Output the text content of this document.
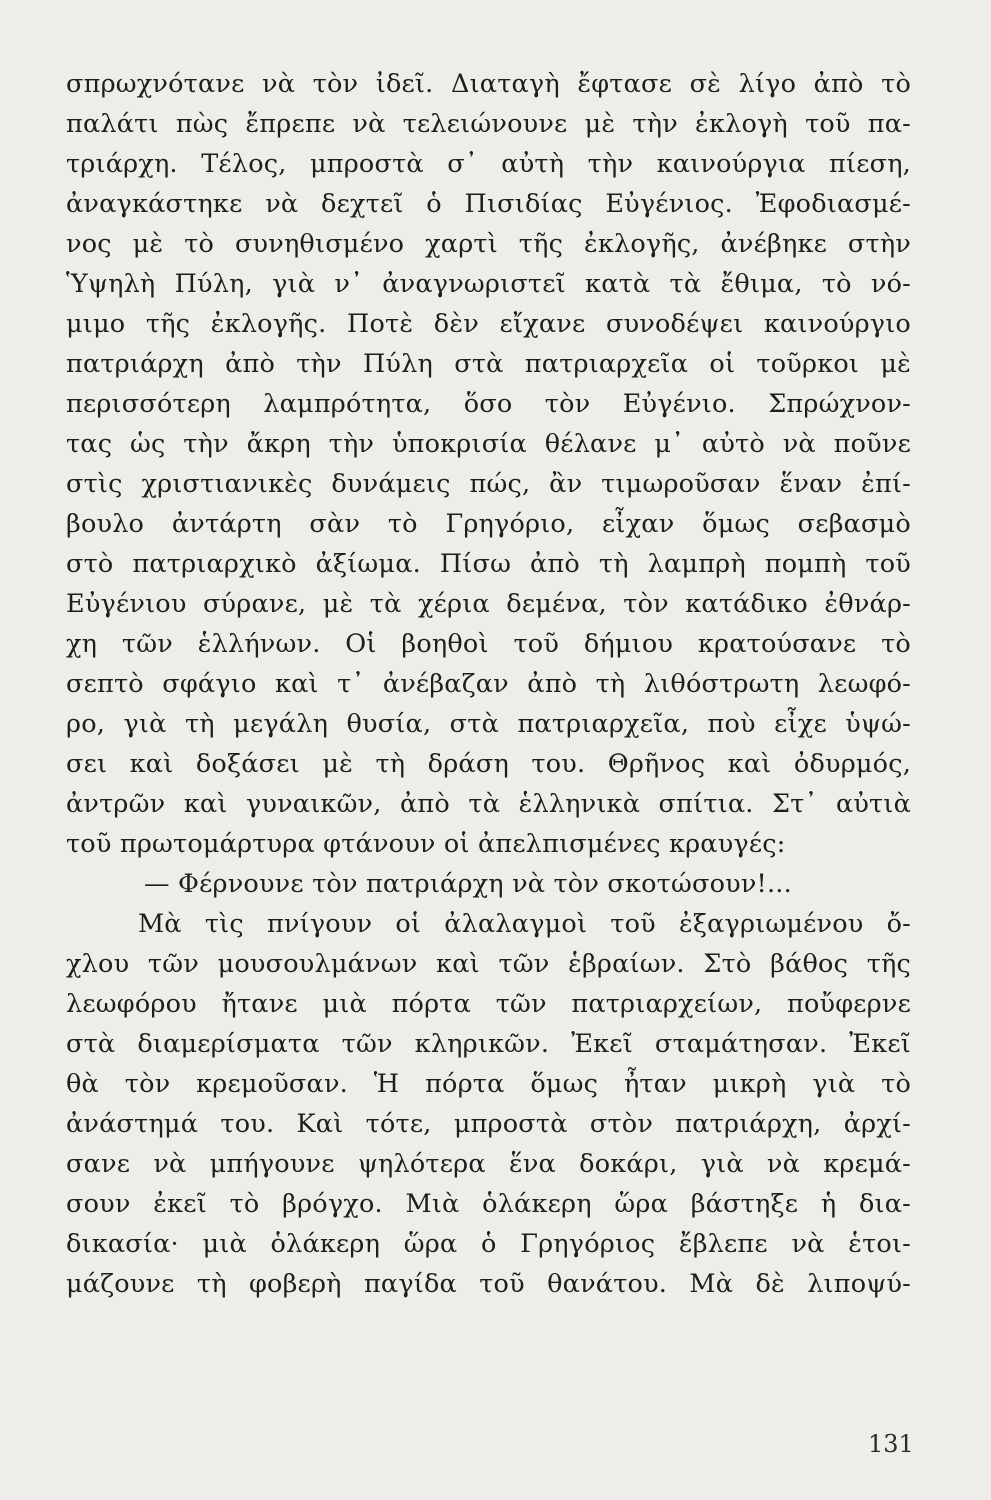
σπρωχνότανε νὰ τὸν ἰδεῖ. Διαταγὴ ἔφτασε σὲ λίγο ἀπὸ τὸ
παλάτι πὼς ἔπρεπε νὰ τελειώνουνε μὲ τὴν ἐκλογὴ τοῦ πα-
τριάρχη. Τέλος, μπροστὰ σ᾽ αὐτὴ τὴν καινούργια πίεση,
ἀναγκάστηκε νὰ δεχτεῖ ὁ Πισιδίας Εὐγένιος. Ἐφοδιασμέ-
νος μὲ τὸ συνηθισμένο χαρτὶ τῆς ἐκλογῆς, ἀνέβηκε στὴν
Ὑψηλὴ Πύλη, γιὰ ν᾽ ἀναγνωριστεῖ κατὰ τὰ ἔθιμα, τὸ νό-
μιμο τῆς ἐκλογῆς. Ποτὲ δὲν εἴχανε συνοδέψει καινούργιο
πατριάρχη ἀπὸ τὴν Πύλη στὰ πατριαρχεῖα οἱ τοῦρκοι μὲ
περισσότερη λαμπρότητα, ὅσο τὸν Εὐγένιο. Σπρώχνον-
τας ὡς τὴν ἄκρη τὴν ὑποκρισία θέλανε μ᾽ αὐτὸ νὰ ποῦνε
στὶς χριστιανικὲς δυνάμεις πώς, ἂν τιμωροῦσαν ἕναν ἐπί-
βουλο ἀντάρτη σὰν τὸ Γρηγόριο, εἶχαν ὅμως σεβασμὸ
στὸ πατριαρχικὸ ἀξίωμα. Πίσω ἀπὸ τὴ λαμπρὴ πομπὴ τοῦ
Εὐγένιου σύρανε, μὲ τὰ χέρια δεμένα, τὸν κατάδικο ἐθνάρ-
χη τῶν ἑλλήνων. Οἱ βοηθοὶ τοῦ δήμιου κρατούσανε τὸ
σεπτὸ σφάγιο καὶ τ᾽ ἀνέβαζαν ἀπὸ τὴ λιθόστρωτη λεωφό-
ρο, γιὰ τὴ μεγάλη θυσία, στὰ πατριαρχεῖα, ποὺ εἶχε ὑψώ-
σει καὶ δοξάσει μὲ τὴ δράση του. Θρῆνος καὶ ὀδυρμός,
ἀντρῶν καὶ γυναικῶν, ἀπὸ τὰ ἑλληνικὰ σπίτια. Στ᾽ αὐτιὰ
τοῦ πρωτομάρτυρα φτάνουν οἱ ἀπελπισμένες κραυγές:
— Φέρνουνε τὸν πατριάρχη νὰ τὸν σκοτώσουν!...
Μὰ τὶς πνίγουν οἱ ἀλαλαγμοὶ τοῦ ἐξαγριωμένου ὄ-
χλου τῶν μουσουλμάνων καὶ τῶν ἑβραίων. Στὸ βάθος τῆς
λεωφόρου ἤτανε μιὰ πόρτα τῶν πατριαρχείων, ποὔφερνε
στὰ διαμερίσματα τῶν κληρικῶν. Ἐκεῖ σταμάτησαν. Ἐκεῖ
θὰ τὸν κρεμοῦσαν. Ἡ πόρτα ὅμως ἦταν μικρὴ γιὰ τὸ
ἀνάστημά του. Καὶ τότε, μπροστὰ στὸν πατριάρχη, ἀρχί-
σανε νὰ μπήγουνε ψηλότερα ἕνα δοκάρι, γιὰ νὰ κρεμά-
σουν ἐκεῖ τὸ βρόγχο. Μιὰ ὁλάκερη ὥρα βάστηξε ἡ δια-
δικασία· μιὰ ὁλάκερη ὥρα ὁ Γρηγόριος ἔβλεπε νὰ ἑτοι-
μάζουνε τὴ φοβερὴ παγίδα τοῦ θανάτου. Μὰ δὲ λιποψύ-
131
